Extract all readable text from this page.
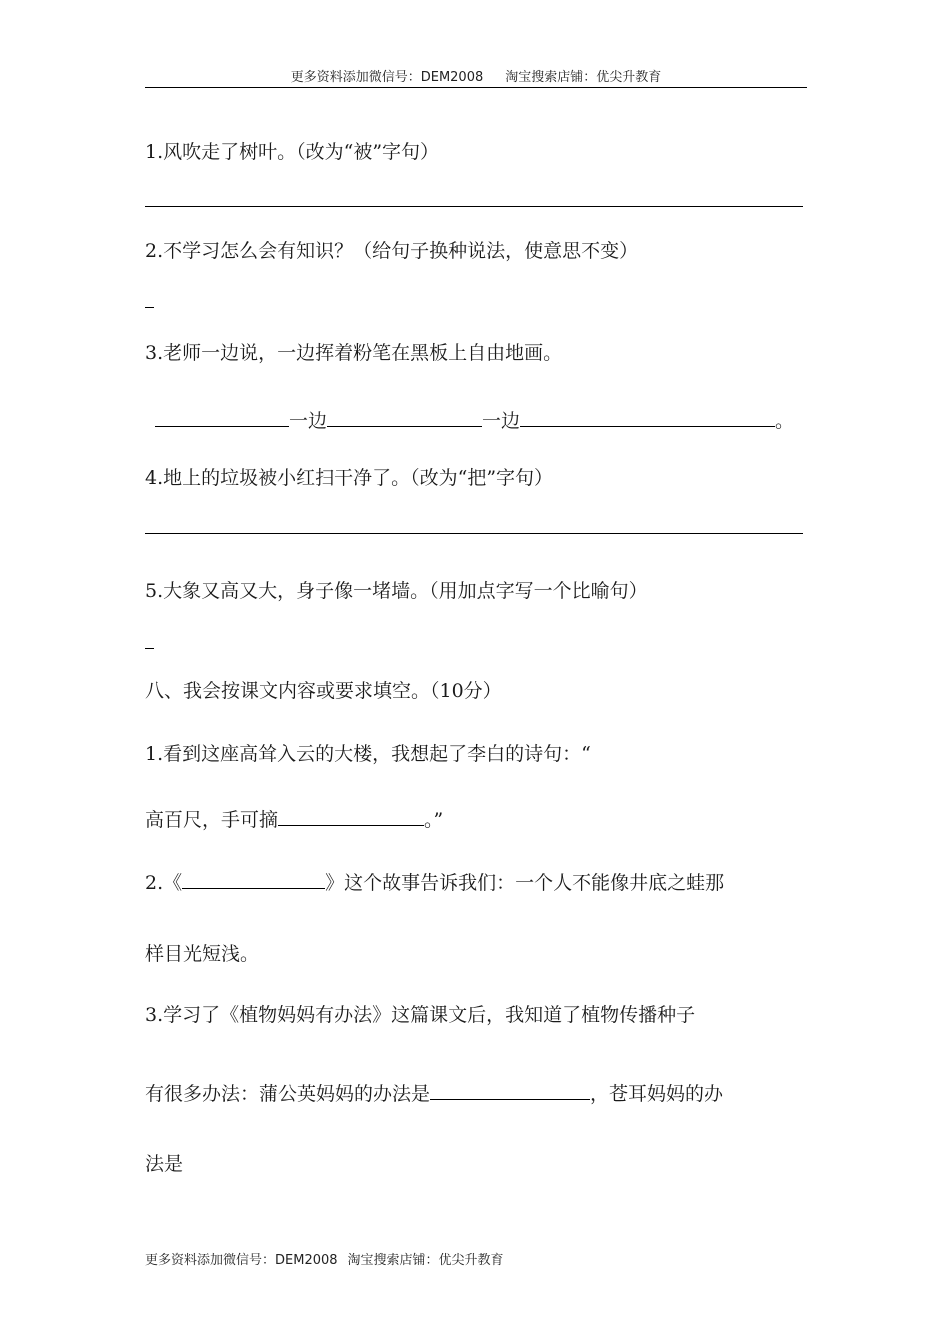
更多资料添加微信号：DEM2008 淘宝搜索店铺：优尖升教育
1.风吹走了树叶。（改为“被”字句）
2.不学习怎么会有知识？（给句子换种说法，使意思不变）
3.老师一边说，一边挥着粉笔在黑板上自由地画。
一边	一边	。
4.地上的垃圾被小红扫干净了。（改为“把”字句）
5.大象又高又大，身子像一堵墙。（用加点字写一个比喻句）
八、我会按课文内容或要求填空。（10分）
1.看到这座高耸入云的大楼，我想起了李白的诗句：“
高百尺，手可摘	。”
2.《	》这个故事告诉我们：一个人不能像井底之蛙那
样目光短浅。
3.学习了《植物妈妈有办法》这篇课文后，我知道了植物传播种子
有很多办法：蒲公英妈妈的办法是	，苍耳妈妈的办
法是
更多资料添加微信号：DEM2008 淘宝搜索店铺：优尖升教育
